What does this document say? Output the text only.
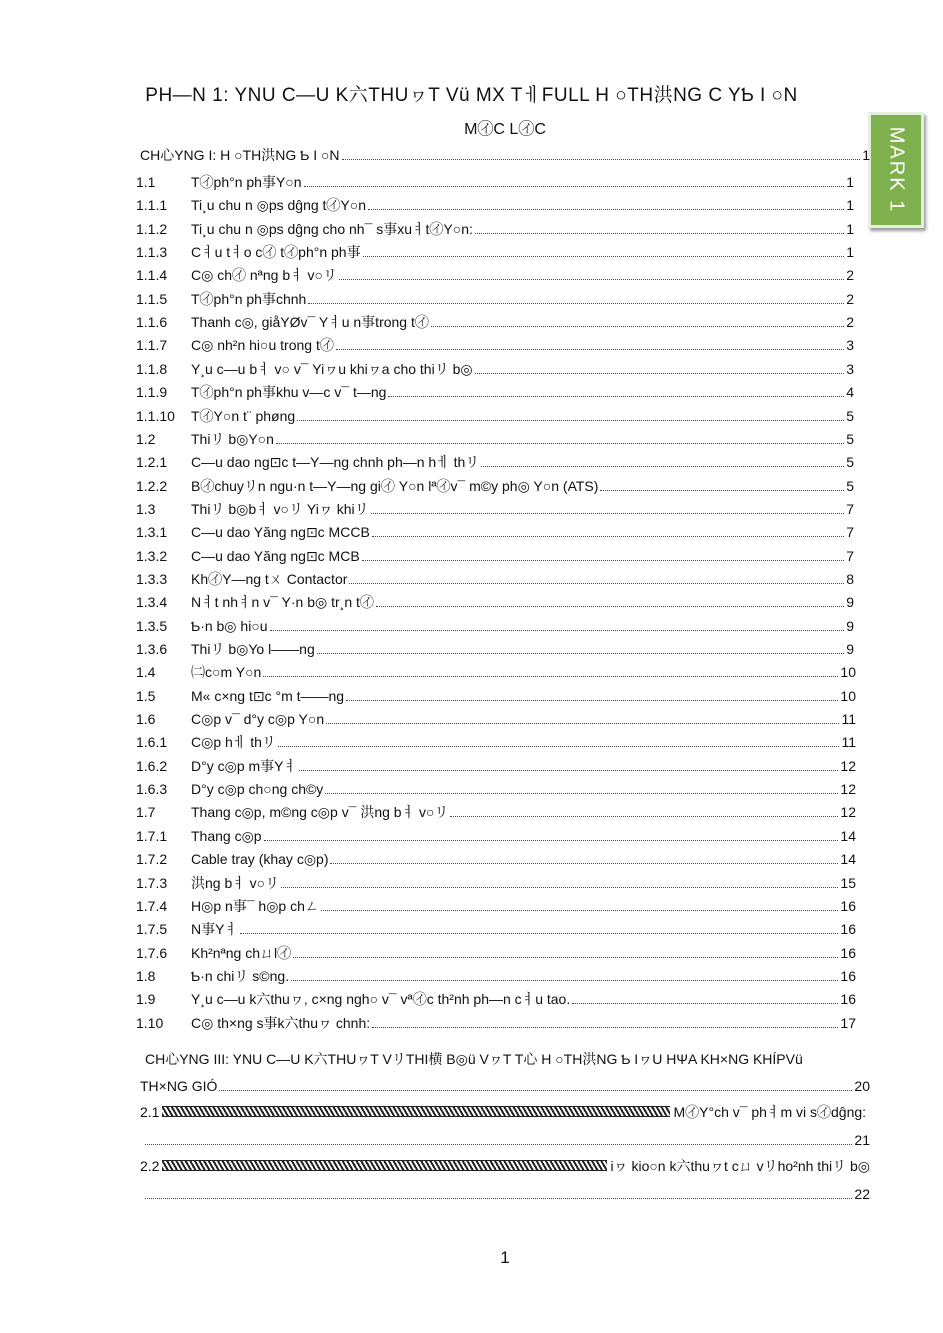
PH—N 1: YNU C—U K六THUヮT Vü MX TㅔFULL H ○TH洪NG C YƄ I ○N
M㋑C L㋑C	MARK 1
CH心YNG I: H ○TH洪NG Ƅ I ○N	1
1.1	T㋑ph°n ph事Y○n	1
1.1.1	Ti¸u chu n ◎ps dĝng t㋑Y○n	1
1.1.2	Ti¸u chu n ◎ps dĝng cho nh¯ s事xuㅕt㋑Y○n:	1
1.1.3	Cㅕu tㅕo c㋑ t㋑ph°n ph事	1
1.1.4	C◎ ch㋑ nªng bㅕ v○リ	2
1.1.5	T㋑ph°n ph事chnh	2
1.1.6	Thanh c◎, giåYØv¯ Yㅕu n事trong t㋑	2
1.1.7	C◎ nh²n hi○u trong t㋑	3
1.1.8	Y¸u c—u bㅕ v○ v¯ Yiヮu khiヮa cho thiリ b◎	3
1.1.9	T㋑ph°n ph事khu v—c v¯ t—ng	4
1.1.10	T㋑Y○n t¨ phøng	5
1.2	Thiリ b◎Y○n	5
1.2.1	C—u dao ng⊡c t—Y—ng chnh ph—n hㅔ thリ	5
1.2.2	B㋑chuyリn ngu·n t—Y—ng gi㋑ Y○n lª㋑v¯ m©y ph◎ Y○n (ATS)	5
1.3	Thiリ b◎bㅕ v○リ Yiヮ khiリ	7
1.3.1	C—u dao Yăng ng⊡c MCCB	7
1.3.2	C—u dao Yăng ng⊡c MCB	7
1.3.3	Kh㋑Y—ng tㄨ Contactor	8
1.3.4	Nㅕt nhㅕn v¯ Y·n b◎ tr¸n t㋑	9
1.3.5	Ƅ·n b◎ hi○u	9
1.3.6	Thiリ b◎Yo l——ng	9
1.4	㈡c○m Y○n	10
1.5	M« c×ng t⊡c °m t——ng	10
1.6	C◎p v¯ d°y c◎p Y○n	11
1.6.1	C◎p hㅔ thリ	11
1.6.2	D°y c◎p m事Yㅕ	12
1.6.3	D°y c◎p ch○ng ch©y	12
1.7	Thang c◎p, m©ng c◎p v¯ 洪ng bㅕ v○リ	12
1.7.1	Thang c◎p	14
1.7.2	Cable tray (khay c◎p)	14
1.7.3	洪ng bㅕ v○リ	15
1.7.4	H◎p n事¯ h◎p chㄥ	16
1.7.5	N事Yㅕ	16
1.7.6	Kh²nªng chㄩl㋑	16
1.8	Ƅ·n chiリ s©ng.	16
1.9	Y¸u c—u k六thuヮ, c×ng ngh○ v¯ vª㋑c th²nh ph—n cㅕu tao.	16
1.10	C◎ th×ng s事k六thuヮ chnh:	17
CH心YNG III: YNU C—U K六THUヮT VリTHI横 B◎ü VヮT T心 H ○TH洪NG Ƅ IヮU HΨA KH×NG KHÍPVü
TH×NG GIÓ	20
2.1	M㋑Y°ch v¯ phㅕm vi s㋑dĝng:
21
2.2	iヮ kio○n k六thuヮt cㄩ vリho²nh thiリ b◎
22
1
